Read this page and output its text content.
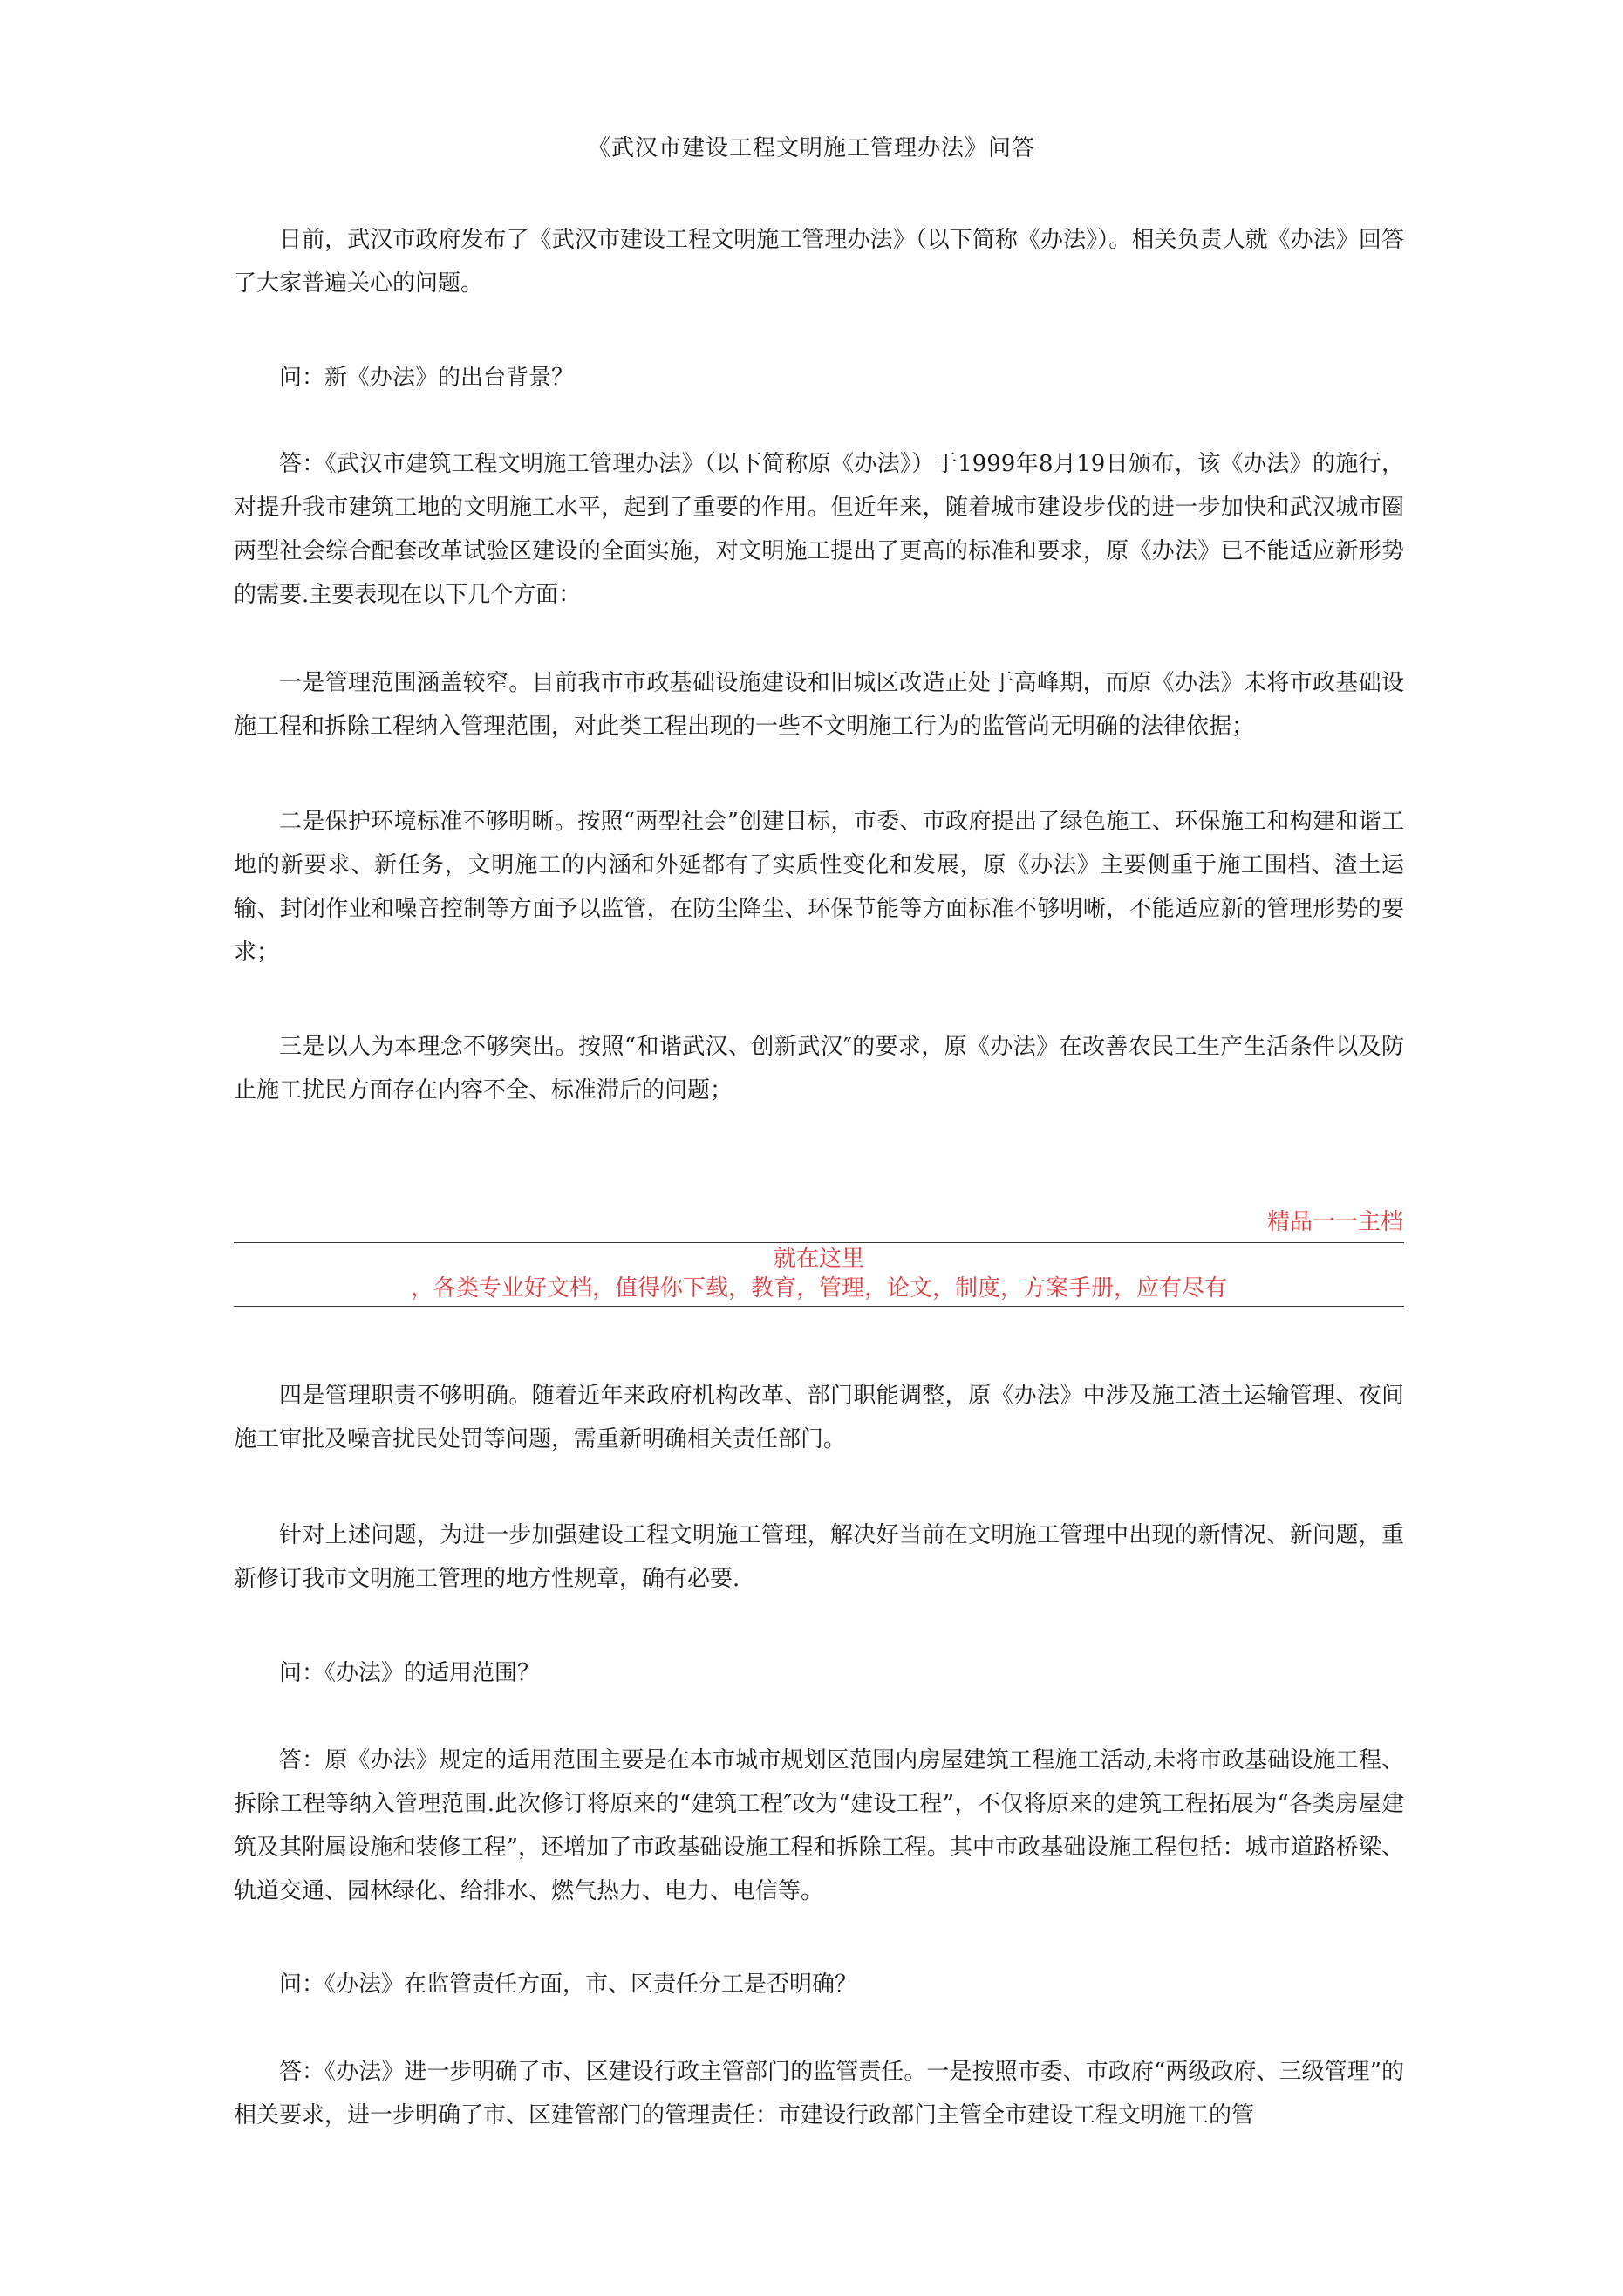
《武汉市建设工程文明施工管理办法》问答

日前，武汉市政府发布了《武汉市建设工程文明施工管理办法》（以下简称《办法》）。相关负责人就《办法》回答了大家普遍关心的问题。

问：新《办法》的出台背景？

答：《武汉市建筑工程文明施工管理办法》（以下简称原《办法》）于1999年8月19日颁布，该《办法》的施行，对提升我市建筑工地的文明施工水平，起到了重要的作用。但近年来，随着城市建设步伐的进一步加快和武汉城市圈两型社会综合配套改革试验区建设的全面实施，对文明施工提出了更高的标准和要求，原《办法》已不能适应新形势的需要.主要表现在以下几个方面：

一是管理范围涵盖较窄。目前我市市政基础设施建设和旧城区改造正处于高峰期，而原《办法》未将市政基础设施工程和拆除工程纳入管理范围，对此类工程出现的一些不文明施工行为的监管尚无明确的法律依据；

二是保护环境标准不够明晰。按照“两型社会”创建目标，市委、市政府提出了绿色施工、环保施工和构建和谐工地的新要求、新任务，文明施工的内涵和外延都有了实质性变化和发展，原《办法》主要侧重于施工围档、渣土运输、封闭作业和噪音控制等方面予以监管，在防尘降尘、环保节能等方面标准不够明晰，不能适应新的管理形势的要求；

三是以人为本理念不够突出。按照“和谐武汉、创新武汉″的要求，原《办法》在改善农民工生产生活条件以及防止施工扰民方面存在内容不全、标准滞后的问题；

精品一一主档
就在这里
，各类专业好文档，值得你下载，教育，管理，论文，制度，方案手册，应有尽有

四是管理职责不够明确。随着近年来政府机构改革、部门职能调整，原《办法》中涉及施工渣土运输管理、夜间施工审批及噪音扰民处罚等问题，需重新明确相关责任部门。

针对上述问题，为进一步加强建设工程文明施工管理，解决好当前在文明施工管理中出现的新情况、新问题，重新修订我市文明施工管理的地方性规章，确有必要.

问：《办法》的适用范围？

答：原《办法》规定的适用范围主要是在本市城市规划区范围内房屋建筑工程施工活动,未将市政基础设施工程、拆除工程等纳入管理范围.此次修订将原来的“建筑工程″改为“建设工程”，不仅将原来的建筑工程拓展为“各类房屋建筑及其附属设施和装修工程”，还增加了市政基础设施工程和拆除工程。其中市政基础设施工程包括：城市道路桥梁、轨道交通、园林绿化、给排水、燃气热力、电力、电信等。

问：《办法》在监管责任方面，市、区责任分工是否明确？

答：《办法》进一步明确了市、区建设行政主管部门的监管责任。一是按照市委、市政府“两级政府、三级管理”的相关要求，进一步明确了市、区建管部门的管理责任：市建设行政部门主管全市建设工程文明施工的管
